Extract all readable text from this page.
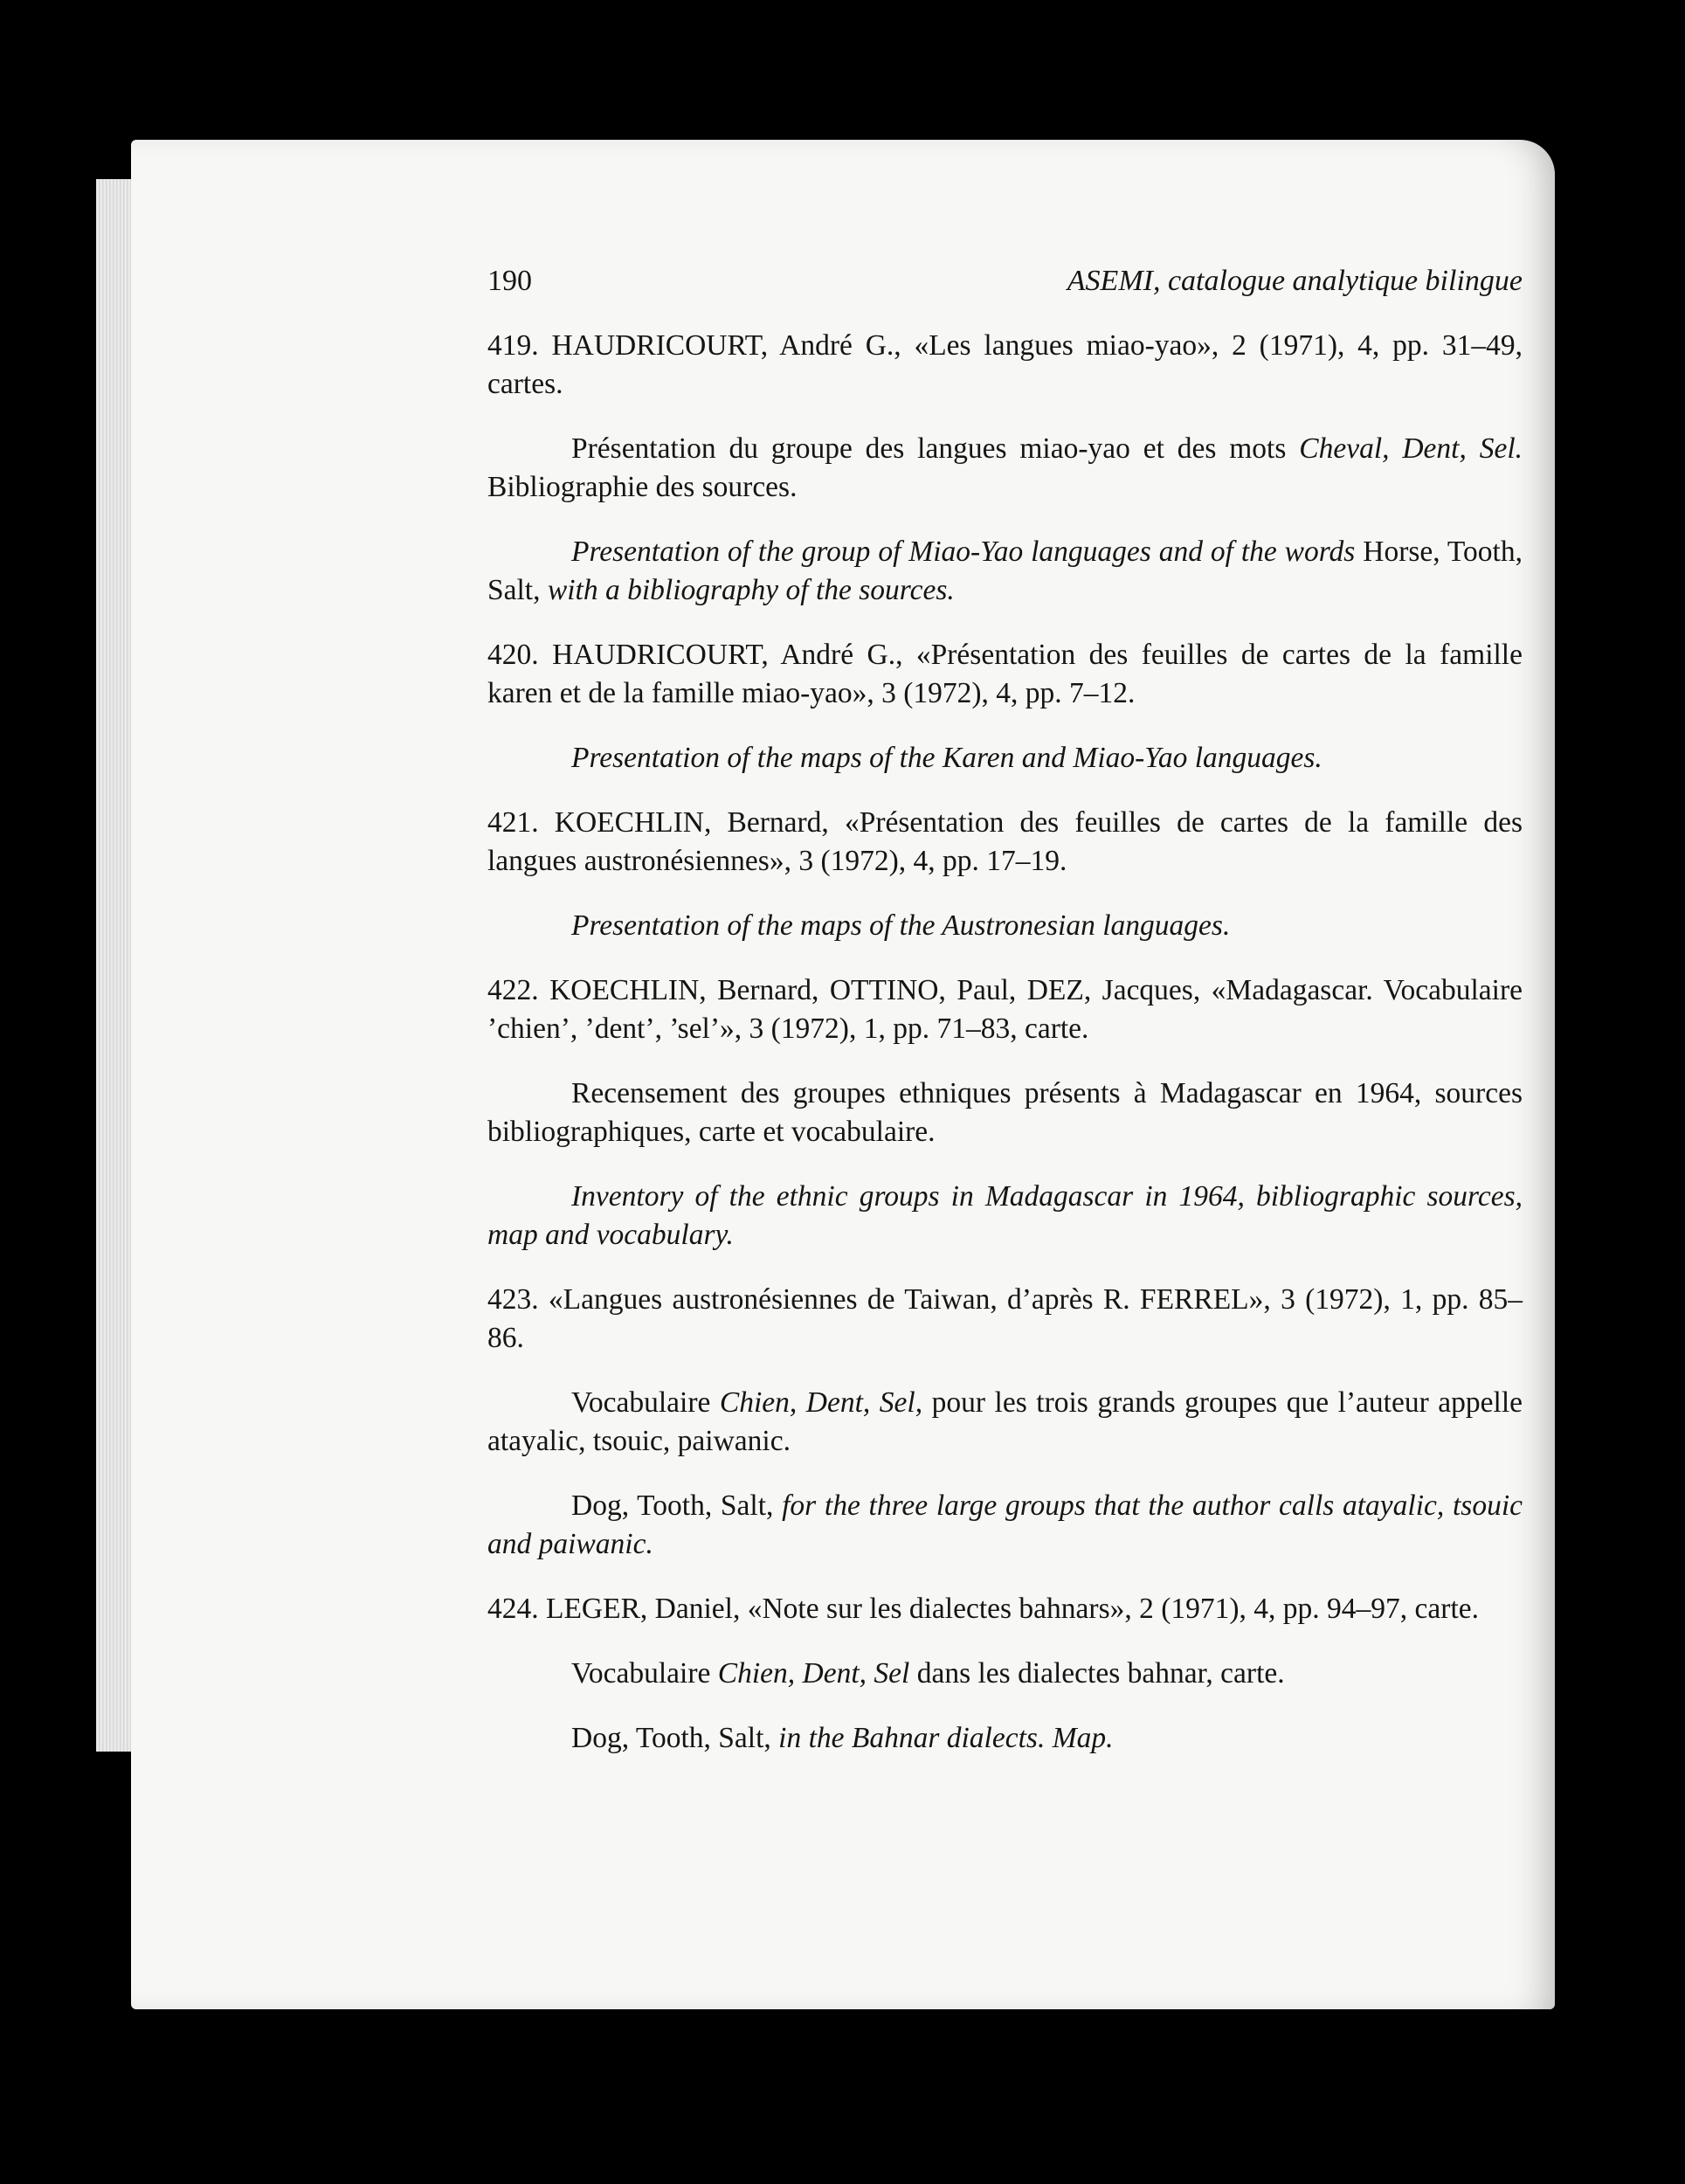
190	ASEMI, catalogue analytique bilingue

419. HAUDRICOURT, André G., «Les langues miao-yao», 2 (1971), 4, pp. 31–49, cartes.

Présentation du groupe des langues miao-yao et des mots Cheval, Dent, Sel. Bibliographie des sources.

Presentation of the group of Miao-Yao languages and of the words Horse, Tooth, Salt, with a bibliography of the sources.

420. HAUDRICOURT, André G., «Présentation des feuilles de cartes de la famille karen et de la famille miao-yao», 3 (1972), 4, pp. 7–12.

Presentation of the maps of the Karen and Miao-Yao languages.

421. KOECHLIN, Bernard, «Présentation des feuilles de cartes de la famille des langues austronésiennes», 3 (1972), 4, pp. 17–19.

Presentation of the maps of the Austronesian languages.

422. KOECHLIN, Bernard, OTTINO, Paul, DEZ, Jacques, «Madagascar. Vocabulaire ’chien’, ’dent’, ’sel’», 3 (1972), 1, pp. 71–83, carte.

Recensement des groupes ethniques présents à Madagascar en 1964, sources bibliographiques, carte et vocabulaire.

Inventory of the ethnic groups in Madagascar in 1964, bibliographic sources, map and vocabulary.

423. «Langues austronésiennes de Taiwan, d’après R. FERREL», 3 (1972), 1, pp. 85–86.

Vocabulaire Chien, Dent, Sel, pour les trois grands groupes que l’auteur appelle atayalic, tsouic, paiwanic.

Dog, Tooth, Salt, for the three large groups that the author calls atayalic, tsouic and paiwanic.

424. LEGER, Daniel, «Note sur les dialectes bahnars», 2 (1971), 4, pp. 94–97, carte.

Vocabulaire Chien, Dent, Sel dans les dialectes bahnar, carte.

Dog, Tooth, Salt, in the Bahnar dialects. Map.
